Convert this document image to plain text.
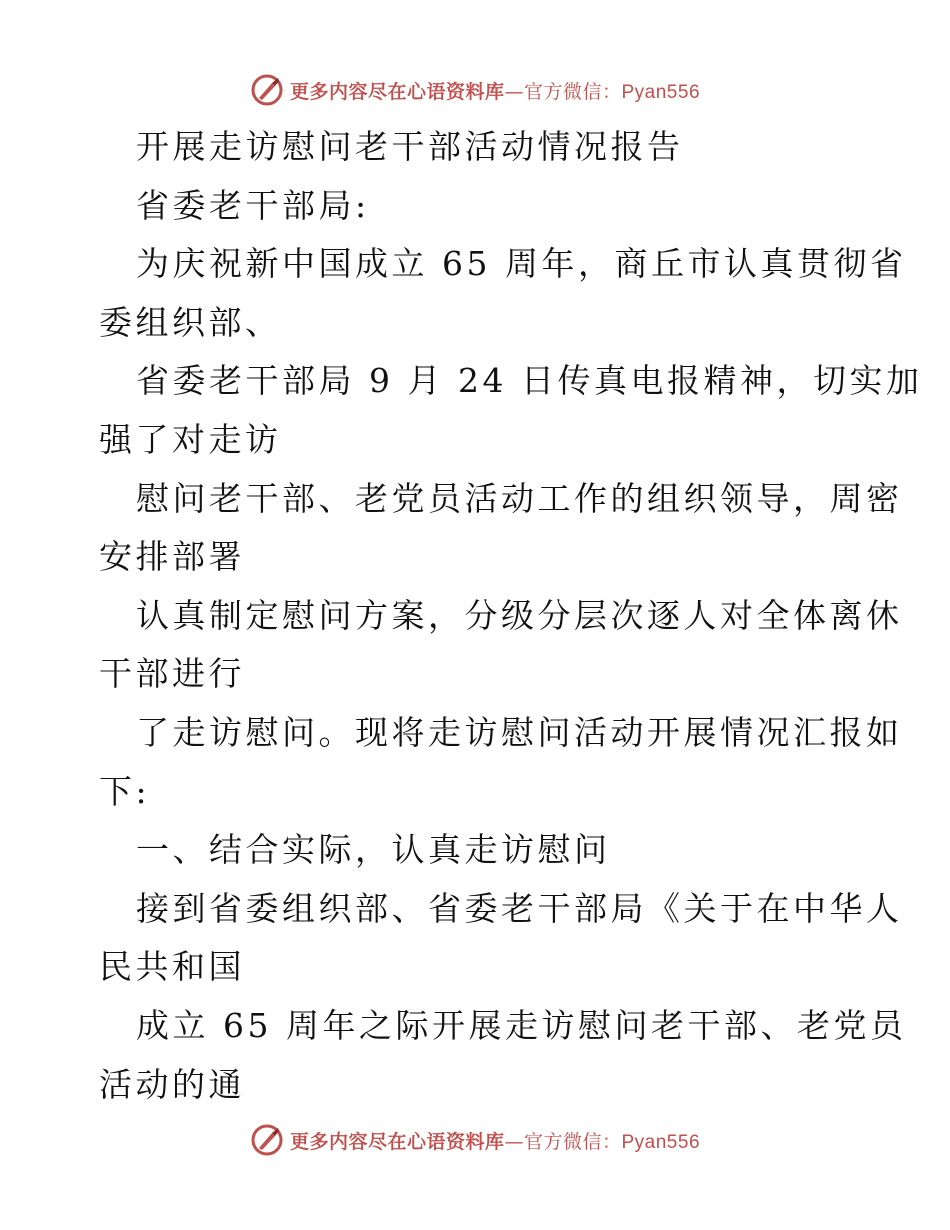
更多内容尽在心语资料库—官方微信：Pyan556
开展走访慰问老干部活动情况报告
省委老干部局:
为庆祝新中国成立 65 周年，商丘市认真贯彻省
委组织部、
省委老干部局 9 月 24 日传真电报精神，切实加
强了对走访
慰问老干部、老党员活动工作的组织领导，周密
安排部署
认真制定慰问方案，分级分层次逐人对全体离休
干部进行
了走访慰问。现将走访慰问活动开展情况汇报如
下:
一、结合实际，认真走访慰问
接到省委组织部、省委老干部局《关于在中华人
民共和国
成立 65 周年之际开展走访慰问老干部、老党员
活动的通
更多内容尽在心语资料库—官方微信：Pyan556
